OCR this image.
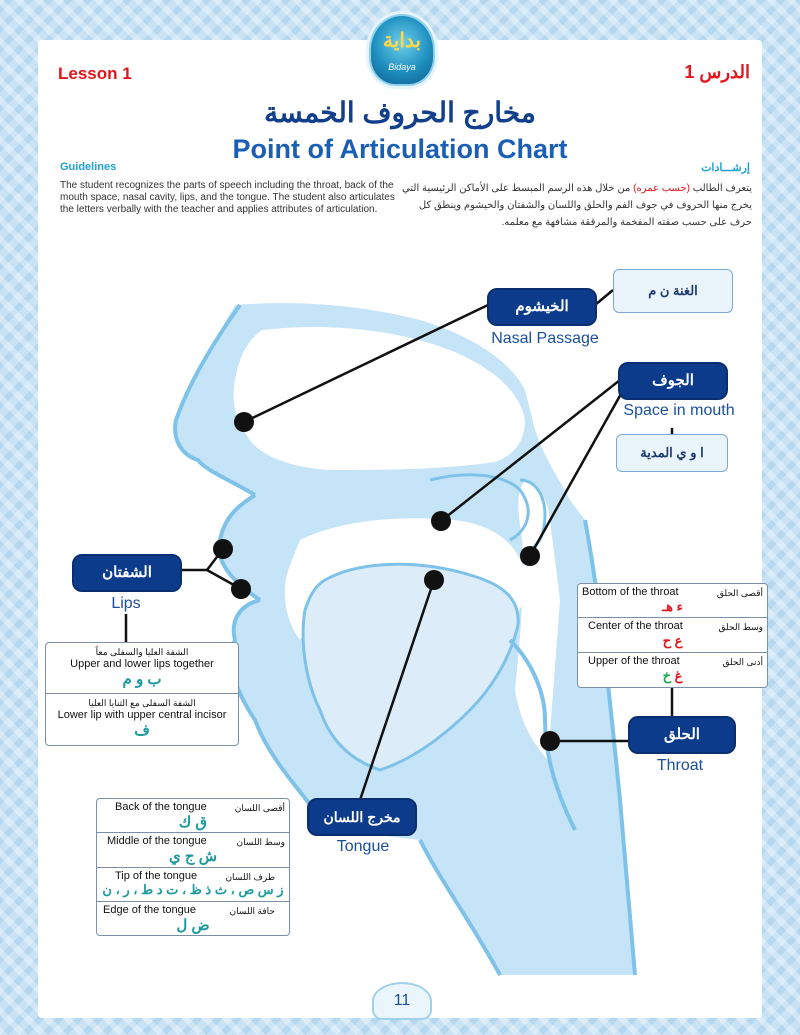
بداية
Bidaya
Lesson 1	الدرس 1
مخارج الحروف الخمسة
Point of Articulation Chart
Guidelines
The student recognizes the parts of speech including the throat, back of the mouth space, nasal cavity, lips, and the tongue. The student also articulates the letters verbally with the teacher and applies attributes of articulation.
إرشـــادات
يتعرف الطالب (حسب عمره) من خلال هذه الرسم المبسط على الأماكن الرئيسية التي يخرج منها الحروف في جوف الفم والحلق واللسان والشفتان والخيشوم وينطق كل حرف على حسب صفته المفخمة والمرققة مشافهة مع معلمه.
الغنة ن م
الخيشوم
Nasal Passage
الجوف
Space in mouth
ا و ي المدية
الشفتان
Lips
الشفة العليا والسفلى معاً
Upper and lower lips together
ب و م
الشفة السفلى مع الثنايا العليا
Lower lip with upper central incisor
ف
Bottom of the throat	أقصى الحلق
ء هـ
Center of the throat	وسط الحلق
ع ح
Upper of the throat	أدنى الحلق
غ خ
الحلق
Throat
مخرج اللسان
Tongue
Back of the tongue	أقصى اللسان
ق ك
Middle of the tongue	وسط اللسان
ش ج ي
Tip of the tongue	طرف اللسان
ز س ص ، ث ذ ظ ، ت د ط ، ر ، ن
Edge of the tongue	حافة اللسان
ض ل
11
